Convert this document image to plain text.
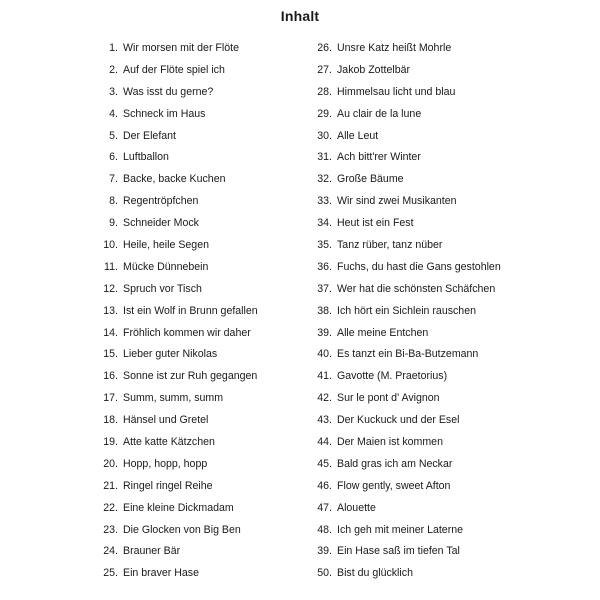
Inhalt
1. Wir morsen mit der Flöte
2. Auf der Flöte spiel ich
3. Was isst du gerne?
4. Schneck im Haus
5. Der Elefant
6. Luftballon
7. Backe, backe Kuchen
8. Regentröpfchen
9. Schneider Mock
10. Heile, heile Segen
11. Mücke Dünnebein
12. Spruch vor Tisch
13. Ist ein Wolf in Brunn gefallen
14. Fröhlich kommen wir daher
15. Lieber guter Nikolas
16. Sonne ist zur Ruh gegangen
17. Summ, summ, summ
18. Hänsel und Gretel
19. Atte katte Kätzchen
20. Hopp, hopp, hopp
21. Ringel ringel Reihe
22. Eine kleine Dickmadam
23. Die Glocken von Big Ben
24. Brauner Bär
25. Ein braver Hase
26. Unsre Katz heißt Mohrle
27. Jakob Zottelbär
28. Himmelsau licht und blau
29. Au clair de la lune
30. Alle Leut
31. Ach bitt'rer Winter
32. Große Bäume
33. Wir sind zwei Musikanten
34. Heut ist ein Fest
35. Tanz rüber, tanz nüber
36. Fuchs, du hast die Gans gestohlen
37. Wer hat die schönsten Schäfchen
38. Ich hört ein Sichlein rauschen
39. Alle meine Entchen
40. Es tanzt ein Bi-Ba-Butzemann
41. Gavotte (M. Praetorius)
42. Sur le pont d' Avignon
43. Der Kuckuck und der Esel
44. Der Maien ist kommen
45. Bald gras ich am Neckar
46. Flow gently, sweet Afton
47. Alouette
48. Ich geh mit meiner Laterne
39. Ein Hase saß im tiefen Tal
50. Bist du glücklich
